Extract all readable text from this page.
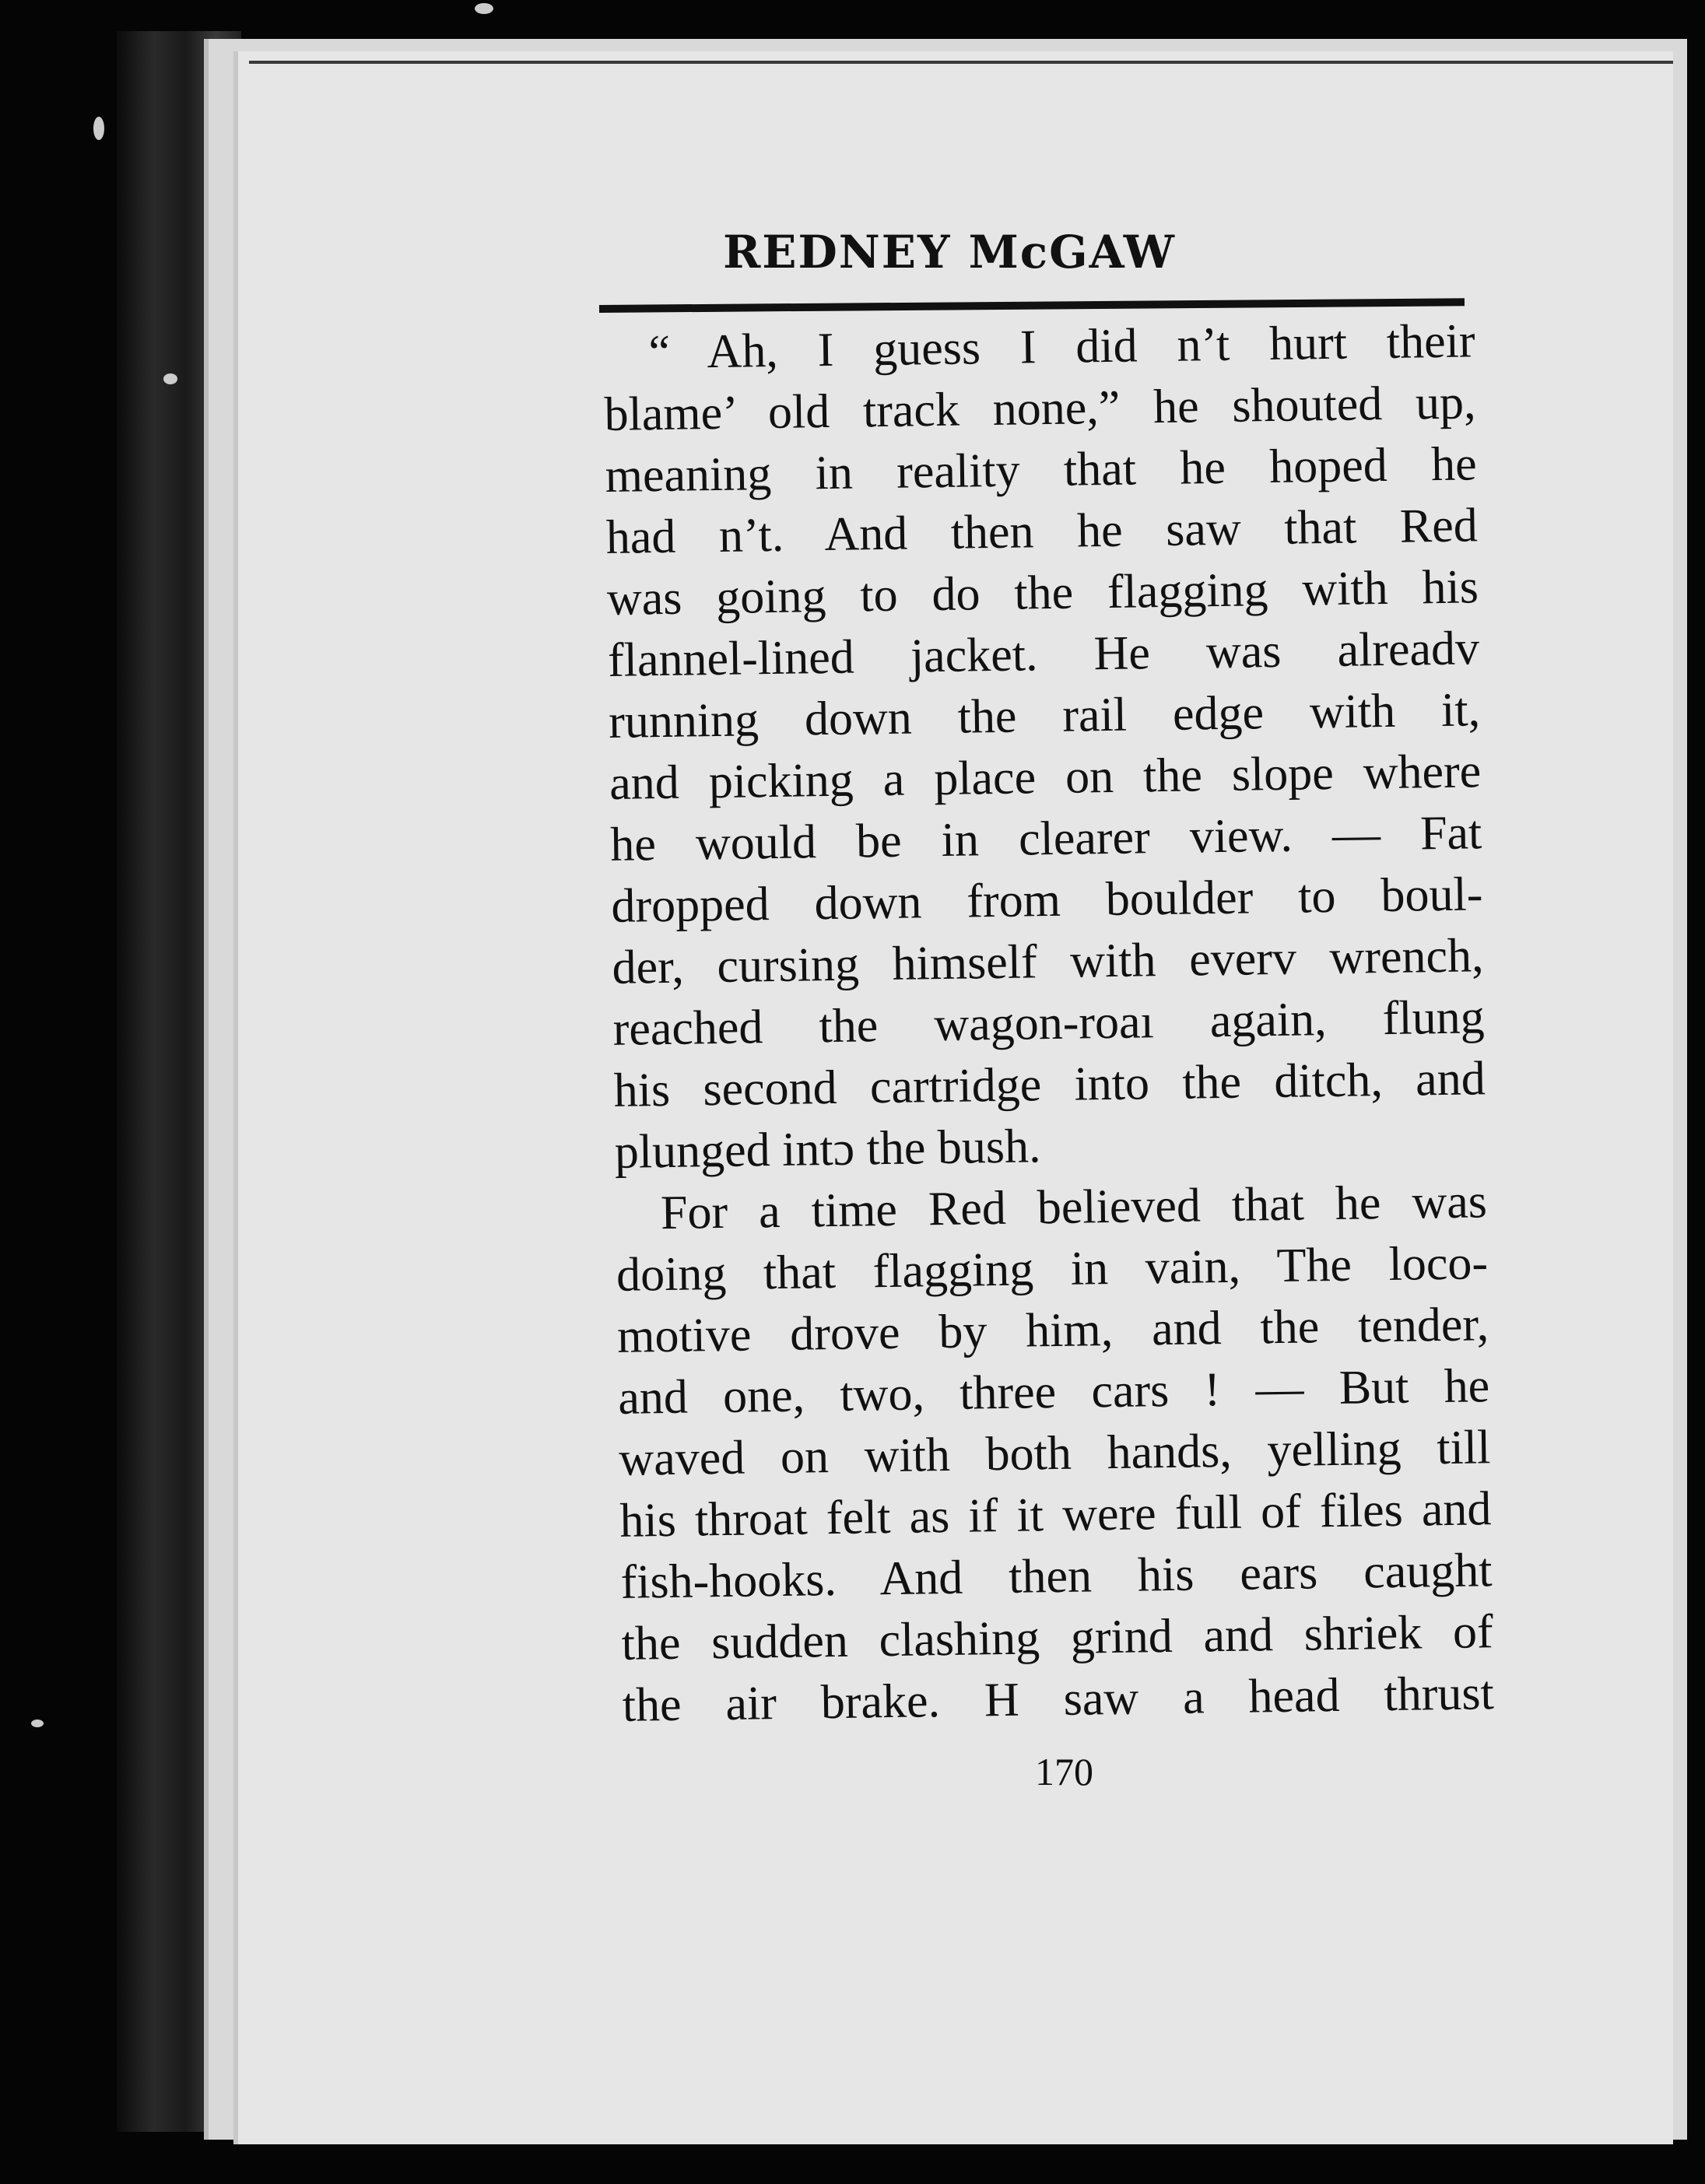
REDNEY McGAW
“ Ah, I guess I did n’t hurt their
blame’ old track none,” he shouted up,
meaning in reality that he hoped he
had n’t. And then he saw that Red
was going to do the flagging with his
flannel-lined jacket. He was alreadv
running down the rail edge with it,
and picking a place on the slope where
he would be in clearer view. — Fat
dropped down from boulder to boul-
der, cursing himself with everv wrench,
reached the wagon-roaı again, flung
his second cartridge into the ditch, and
plunged intɔ the bush.
For a time Red believed that he was
doing that flagging in vain, The loco-
motive drove by him, and the tender,
and one, two, three cars ! — But he
waved on with both hands, yelling till
his throat felt as if it were full of files and
fish-hooks. And then his ears caught
the sudden clashing grind and shriek of
the air brake. H saw a head thrust
170
